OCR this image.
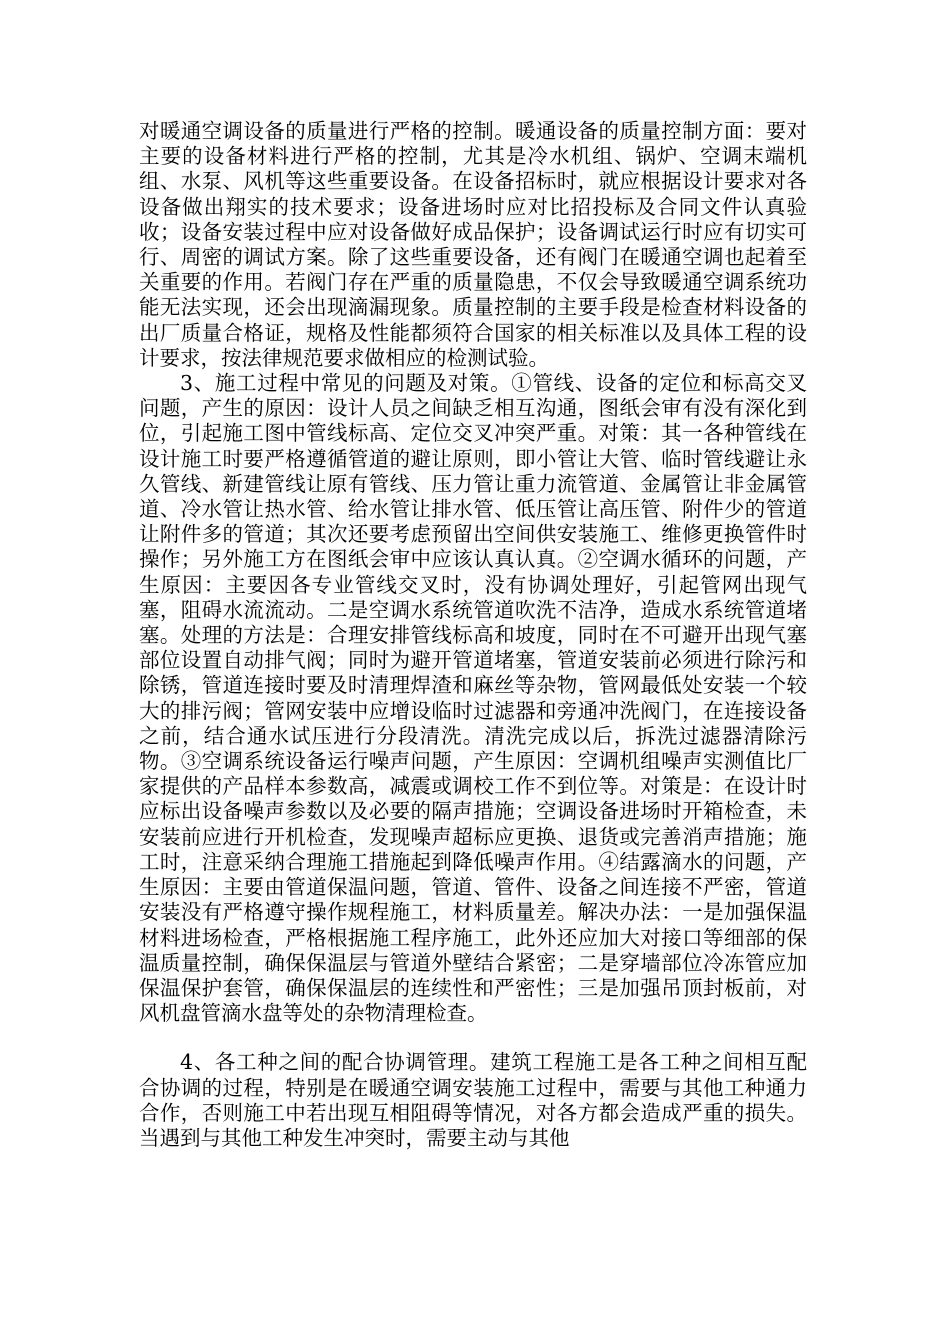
对暖通空调设备的质量进行严格的控制。暖通设备的质量控制方面：要对主要的设备材料进行严格的控制，尤其是冷水机组、锅炉、空调末端机组、水泵、风机等这些重要设备。在设备招标时，就应根据设计要求对各设备做出翔实的技术要求；设备进场时应对比招投标及合同文件认真验收；设备安装过程中应对设备做好成品保护；设备调试运行时应有切实可行、周密的调试方案。除了这些重要设备，还有阀门在暖通空调也起着至关重要的作用。若阀门存在严重的质量隐患，不仅会导致暖通空调系统功能无法实现，还会出现滴漏现象。质量控制的主要手段是检查材料设备的出厂质量合格证，规格及性能都须符合国家的相关标准以及具体工程的设计要求，按法律规范要求做相应的检测试验。

3、施工过程中常见的问题及对策。①管线、设备的定位和标高交叉问题，产生的原因：设计人员之间缺乏相互沟通，图纸会审有没有深化到位，引起施工图中管线标高、定位交叉冲突严重。对策：其一各种管线在设计施工时要严格遵循管道的避让原则，即小管让大管、临时管线避让永久管线、新建管线让原有管线、压力管让重力流管道、金属管让非金属管道、冷水管让热水管、给水管让排水管、低压管让高压管、附件少的管道让附件多的管道；其次还要考虑预留出空间供安装施工、维修更换管件时操作；另外施工方在图纸会审中应该认真认真。②空调水循环的问题，产生原因：主要因各专业管线交叉时，没有协调处理好，引起管网出现气塞，阻碍水流流动。二是空调水系统管道吹洗不洁净，造成水系统管道堵塞。处理的方法是：合理安排管线标高和坡度，同时在不可避开出现气塞部位设置自动排气阀；同时为避开管道堵塞，管道安装前必须进行除污和除锈，管道连接时要及时清理焊渣和麻丝等杂物，管网最低处安装一个较大的排污阀；管网安装中应增设临时过滤器和旁通冲洗阀门，在连接设备之前，结合通水试压进行分段清洗。清洗完成以后，拆洗过滤器清除污物。③空调系统设备运行噪声问题，产生原因：空调机组噪声实测值比厂家提供的产品样本参数高，减震或调校工作不到位等。对策是：在设计时应标出设备噪声参数以及必要的隔声措施；空调设备进场时开箱检查，未安装前应进行开机检查，发现噪声超标应更换、退货或完善消声措施；施工时，注意采纳合理施工措施起到降低噪声作用。④结露滴水的问题，产生原因：主要由管道保温问题，管道、管件、设备之间连接不严密，管道安装没有严格遵守操作规程施工，材料质量差。解决办法：一是加强保温材料进场检查，严格根据施工程序施工，此外还应加大对接口等细部的保温质量控制，确保保温层与管道外壁结合紧密；二是穿墙部位冷冻管应加保温保护套管，确保保温层的连续性和严密性；三是加强吊顶封板前，对风机盘管滴水盘等处的杂物清理检查。

4、各工种之间的配合协调管理。建筑工程施工是各工种之间相互配合协调的过程，特别是在暖通空调安装施工过程中，需要与其他工种通力合作，否则施工中若出现互相阻碍等情况，对各方都会造成严重的损失。当遇到与其他工种发生冲突时，需要主动与其他
